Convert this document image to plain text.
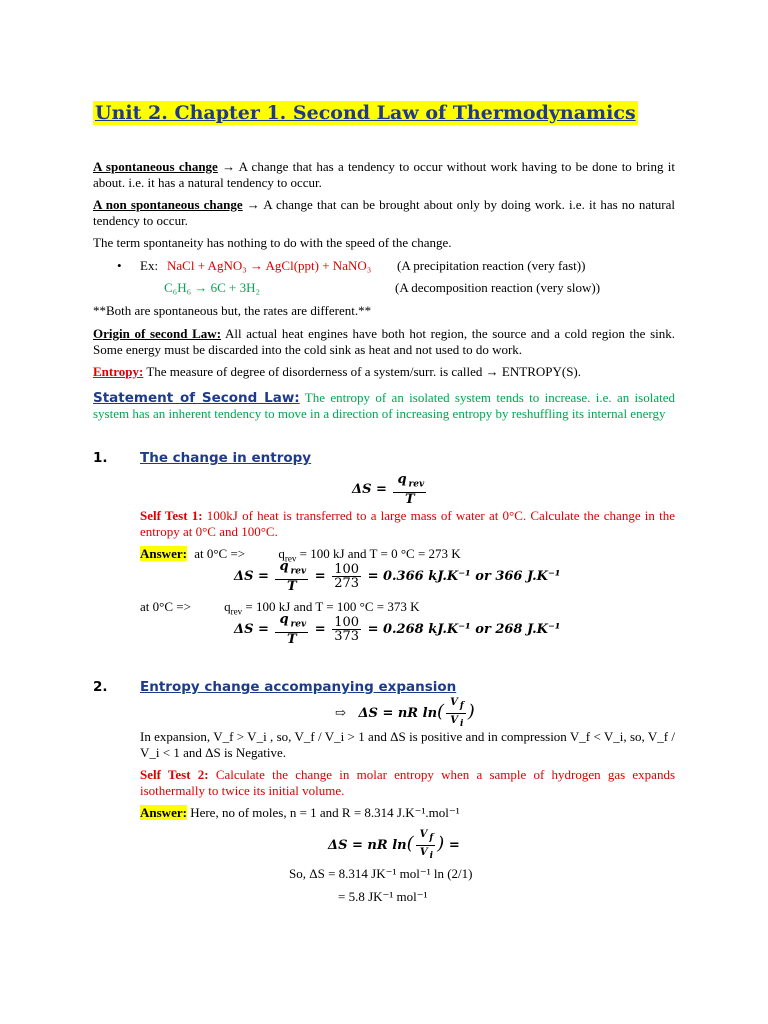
Unit 2. Chapter 1. Second Law of Thermodynamics
A spontaneous change → A change that has a tendency to occur without work having to be done to bring it about. i.e. it has a natural tendency to occur.
A non spontaneous change → A change that can be brought about only by doing work. i.e. it has no natural tendency to occur.
The term spontaneity has nothing to do with the speed of the change.
• Ex: NaCl + AgNO₃ → AgCl(ppt) + NaNO₃ (A precipitation reaction (very fast))
C₆H₆ → 6C + 3H₂	(A decomposition reaction (very slow))
**Both are spontaneous but, the rates are different.**
Origin of second Law: All actual heat engines have both hot region, the source and a cold region the sink. Some energy must be discarded into the cold sink as heat and not used to do work.
Entropy: The measure of degree of disorderness of a system/surr. is called → ENTROPY(S).
Statement of Second Law: The entropy of an isolated system tends to increase. i.e. an isolated system has an inherent tendency to move in a direction of increasing entropy by reshuffling its internal energy
1. The change in entropy
$\Delta S = \frac{q _{rev}}{T}$
Self Test 1: 100kJ of heat is transferred to a large mass of water at 0°C. Calculate the change in the entropy at 0°C and 100°C.
Answer: at 0°C =>	$q_{rev} = 100$ kJ and T = 0 °C = 273 K
$\Delta S = \frac{q _{rev}}{T} = \frac{100}{273} = 0.366$ kJ.K⁻¹ or 366 J.K⁻¹
at 0°C =>	$q_{rev} = 100$ kJ and T = 100 °C = 373 K
$\Delta S = \frac{q _{rev}}{T} = \frac{100}{373} = 0.268$ kJ.K⁻¹ or 268 J.K⁻¹
2. Entropy change accompanying expansion
⇨ ΔS = nR $\ln( \frac{V _f}{V _i}$ )
In expansion, V_f > V_i , so, V_f / V_i > 1 and ΔS is positive and in compression V_f < V_i, so, V_f / V_i < 1 and ΔS is Negative.
Self Test 2: Calculate the change in molar entropy when a sample of hydrogen gas expands isothermally to twice its initial volume.
Answer: Here, no of moles, n = 1 and R = 8.314 J.K⁻¹.mol⁻¹
ΔS = nR $\ln( \frac{V _f}{V _i}$ ) =
So, ΔS = 8.314 JK⁻¹ mol⁻¹ ln (2/1)
= 5.8 JK⁻¹ mol⁻¹
